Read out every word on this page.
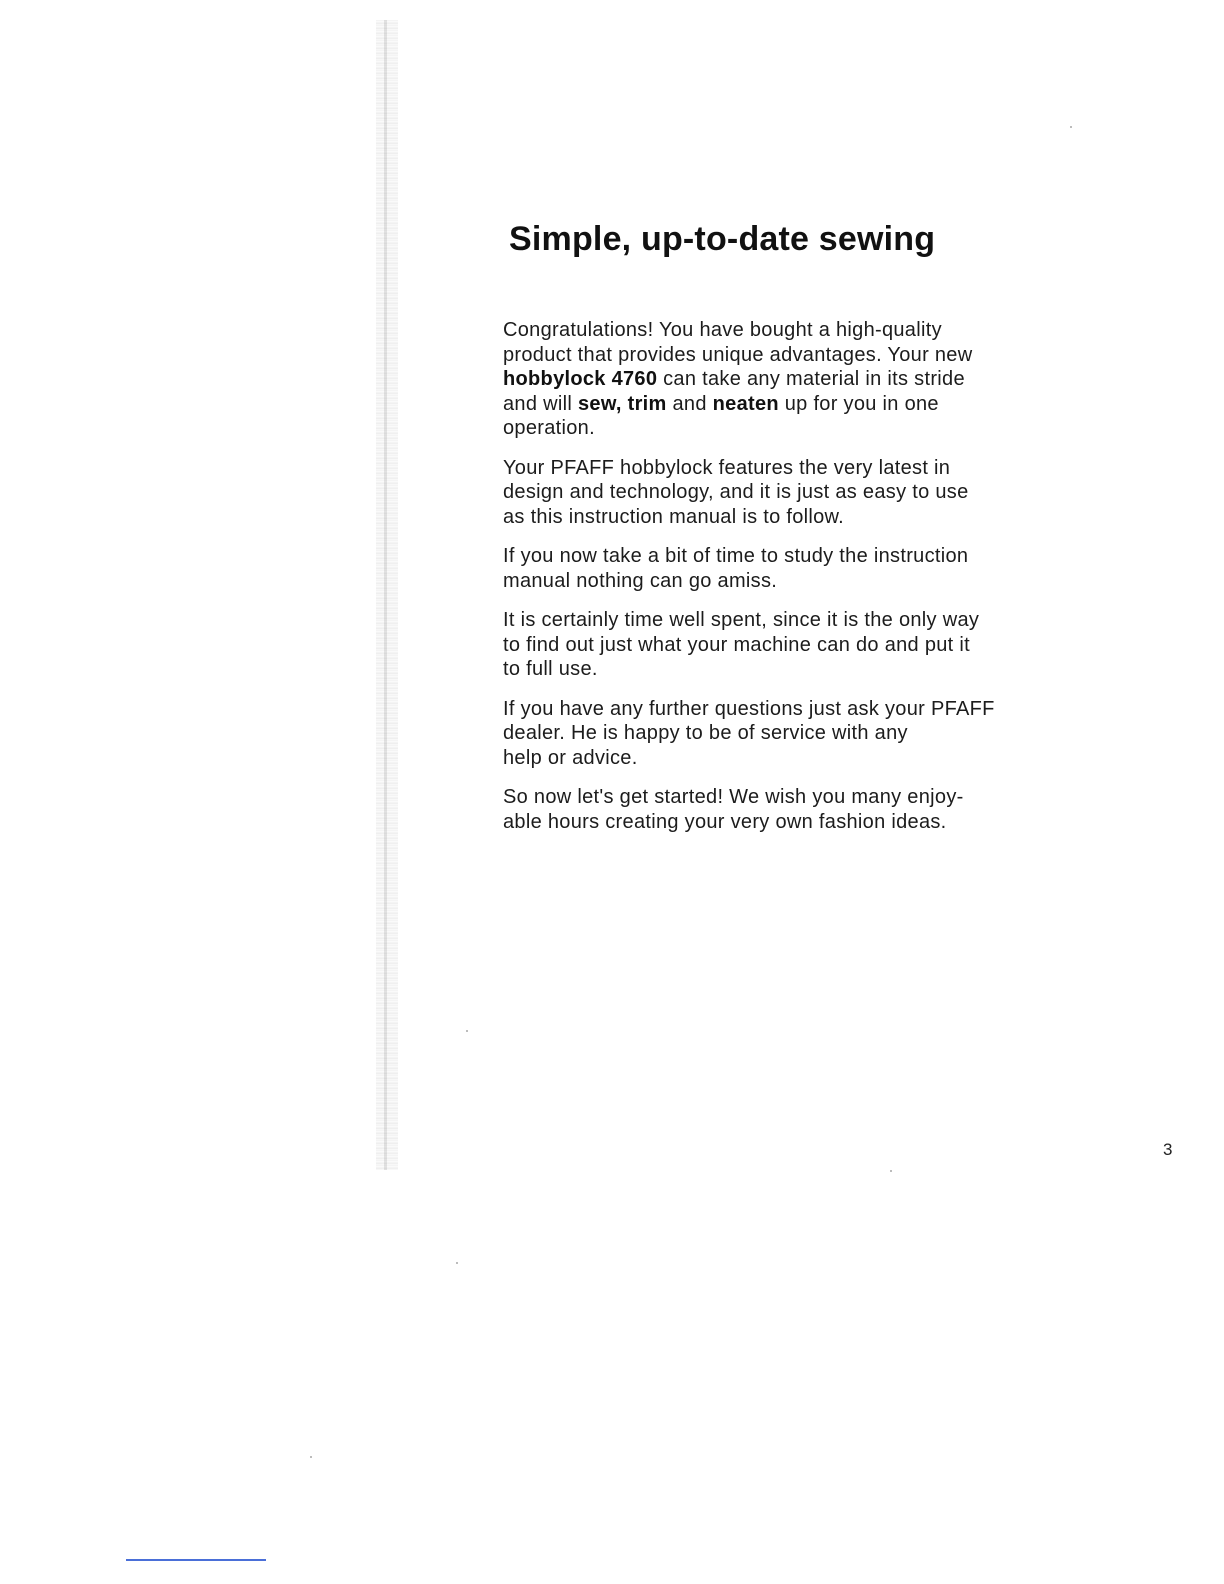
Simple, up-to-date sewing

Congratulations! You have bought a high-quality
product that provides unique advantages. Your new
hobbylock 4760 can take any material in its stride
and will sew, trim and neaten up for you in one
operation.

Your PFAFF hobbylock features the very latest in
design and technology, and it is just as easy to use
as this instruction manual is to follow.

If you now take a bit of time to study the instruction
manual nothing can go amiss.

It is certainly time well spent, since it is the only way
to find out just what your machine can do and put it
to full use.

If you have any further questions just ask your PFAFF
dealer. He is happy to be of service with any
help or advice.

So now let's get started! We wish you many enjoy-
able hours creating your very own fashion ideas.

3
